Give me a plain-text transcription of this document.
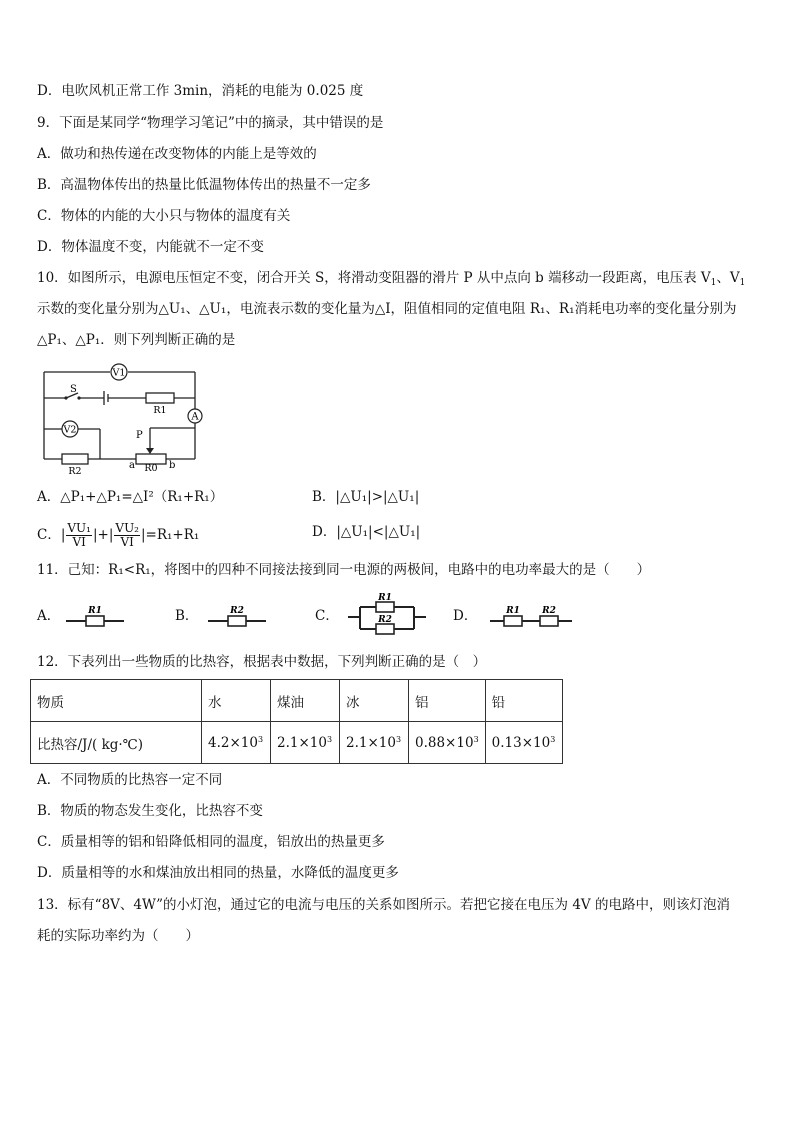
D．电吹风机正常工作 3min，消耗的电能为 0.025 度
9．下面是某同学“物理学习笔记”中的摘录，其中错误的是
A．做功和热传递在改变物体的内能上是等效的
B．高温物体传出的热量比低温物体传出的热量不一定多
C．物体的内能的大小只与物体的温度有关
D．物体温度不变，内能就不一定不变
10．如图所示，电源电压恒定不变，闭合开关 S，将滑动变阻器的滑片 P 从中点向 b 端移动一段距离，电压表 $V_1$、$V_1$
示数的变化量分别为△U₁、△U₁，电流表示数的变化量为△I，阻值相同的定值电阻 R₁、R₁消耗电功率的变化量分别为
△P₁、△P₁．则下列判断正确的是
V1
V2
A
S
R1
R2	R0
P
a	b
A．△P₁+△P₁=△I²（R₁+R₁）	B．|△U₁|>|△U₁|
C．| $\frac{\text{VU₁}}{VI}$ |+| $\frac{\text{VU₂}}{VI} |=R_1+R_1$	D．|△U₁|<|△U₁|
11．己知：R₁<R₁，将图中的四种不同接法接到同一电源的两极间，电路中的电功率最大的是（　　）
A．	B．	C．	D．
R1	R2
R1
R2
R1 R2
12．下表列出一些物质的比热容，根据表中数据，下列判断正确的是（　）
物质	水	煤油	冰	铝	铅
比热容/J/( kg·℃)	$4.2\times 10^3$	$2.1\times 10^3$	$2.1\times 10^3$	$0.88\times 10^3$	$0.13\times 10^3$
A．不同物质的比热容一定不同
B．物质的物态发生变化，比热容不变
C．质量相等的铝和铅降低相同的温度，铝放出的热量更多
D．质量相等的水和煤油放出相同的热量，水降低的温度更多
13．标有“8V、4W”的小灯泡，通过它的电流与电压的关系如图所示。若把它接在电压为 4V 的电路中，则该灯泡消
耗的实际功率约为（　　）
